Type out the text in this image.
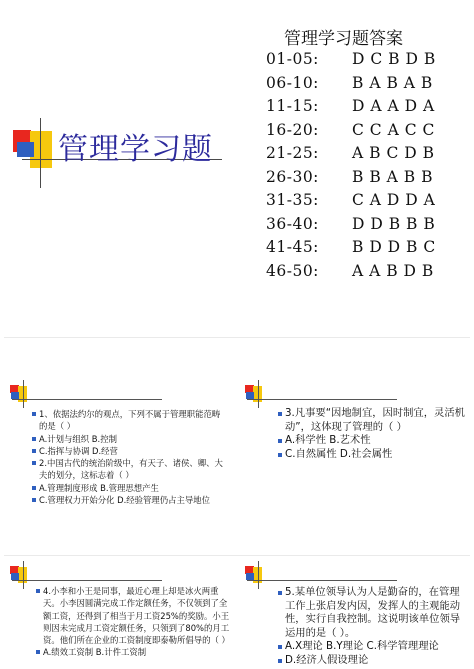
管理学习题
管理学习题答案
01-05: D C B D B
06-10: B A B A B
11-15: D A A D A
16-20: C C A C C
21-25: A B C D B
26-30: B B A B B
31-35: C A D D A
36-40: D D B B B
41-45: B D D B C
46-50: A A B D B
1、依据法约尔的观点，下列不属于管理职能范畴的是（ ）
A.计划与组织 B.控制
C.指挥与协调 D.经营
2.中国古代的统治阶级中，有天子、诸侯、卿、大夫的划分，这标志着（ ）
A.管理制度形成 B.管理思想产生
C.管理权力开始分化 D.经验管理仍占主导地位
3.凡事要“因地制宜，因时制宜，灵活机动”，这体现了管理的（ ）
A.科学性 B.艺术性
C.自然属性 D.社会属性
4.小李和小王是同事，最近心理上却是冰火两重天。小李因圆满完成工作定额任务，不仅领到了全额工资，还得到了相当于月工资25%的奖励。小王则因未完成月工资定额任务，只领到了80%的月工资。他们所在企业的工资制度即泰勒所倡导的（ ）
A.绩效工资制 B.计件工资制
5.某单位领导认为人是勤奋的，在管理工作上张启发内因，发挥人的主观能动性，实行自我控制。这说明该单位领导运用的是（ ）。
A.X理论 B.Y理论 C.科学管理理论
D.经济人假设理论
